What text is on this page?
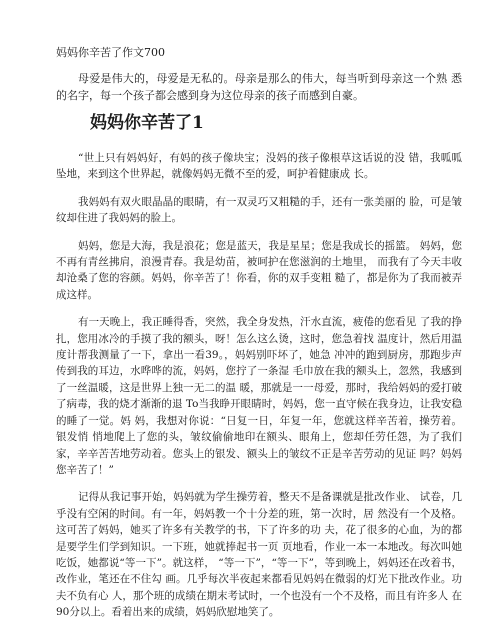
妈妈你辛苦了作文700

母爱是伟大的，母爱是无私的。母亲是那么的伟大，每当听到母亲这一个熟 悉的名字，每一个孩子都会感到身为这位母亲的孩子而感到自豪。

妈妈你辛苦了1

“世上只有妈妈好，有妈的孩子像块宝；没妈的孩子像根草这话说的没 错，我呱呱坠地，来到这个世界起，就像妈妈无微不至的爱，呵护着健康成 长。

我妈妈有双火眼晶晶的眼睛，有一双灵巧又粗糙的手，还有一张美丽的 脸，可是皱纹却住进了我妈妈的脸上。

妈妈，您是大海，我是浪花；您是蓝天，我是星星；您是我成长的摇篮。 妈妈，您不再有青丝拂肩，浪漫青春。我是幼苗，被呵护在您滋润的土地里， 而我有了今天丰收却沧桑了您的容颜。妈妈，你辛苦了！你看，你的双手变粗 糙了，都是你为了我而被弄成这样。

有一天晚上，我正睡得香，突然，我全身发热，汗水直流，疲倦的您看见 了我的挣扎，您用冰冷的手摸了我的额头，呀！怎么这么烫，这时，您急着找 温度计，然后用温度计帮我测量了一下，拿出一看39。，妈妈别吓坏了，她急 冲冲的跑到厨房，那跑步声传到我的耳边，水哗哗的流，妈妈，您拧了一条湿 毛巾放在我的额头上，忽然，我感到了一丝温暖，这是世界上独一无二的温 暖，那就是一一母爱，那时，我给妈妈的爱打破了病毒，我的烧才渐渐的退 To当我睁开眼睛时，妈妈，您一直守候在我身边，让我安稳的睡了一觉。妈 妈，我想对你说：“日复一日，年复一年，您就这样辛苦着，操劳着。银发悄 悄地爬上了您的头，皱纹偷偷地印在额头、眼角上，您却任劳任怨，为了我们 家，辛辛苦苦地劳动着。您头上的银发、额头上的皱纹不正是辛苦劳动的见证 吗？妈妈您辛苦了！”

记得从我记事开始，妈妈就为学生操劳着，整天不是备课就是批改作业、 试卷，几乎没有空闲的时间。有一年，妈妈教一个十分差的班，第一次时，居 然没有一个及格。这可苦了妈妈，她买了许多有关教学的书，下了许多的功 夫，花了很多的心血，为的都是要学生们学到知识。一下班，她就捧起书一页 页地看，作业一本一本地改。每次叫她吃饭，她都说“等一下”。就这样， “等一下”，“等一下”，等到晚上，妈妈还在改着书，改作业，笔还在不住勾 画。几乎每次半夜起来都看见妈妈在微弱的灯光下批改作业。功夫不负有心 人，那个班的成绩在期末考试时，一个也没有一个不及格，而且有许多人 在90分以上。看着出来的成绩，妈妈欣慰地笑了。
